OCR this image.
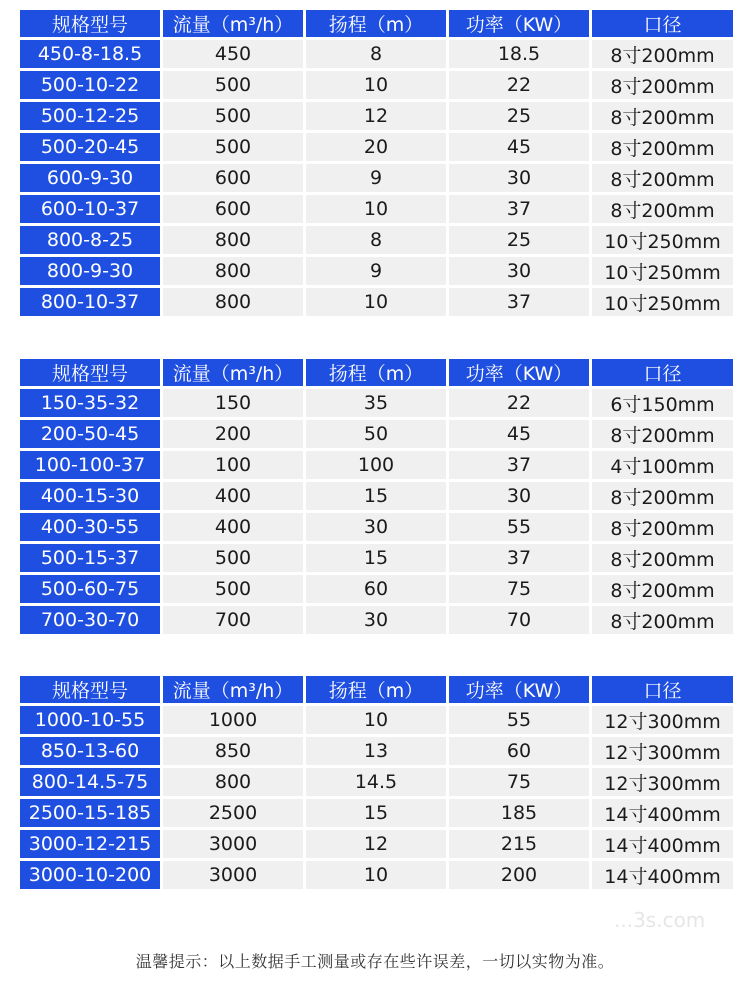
规格型号	流量（m³/h）	扬程（m）	功率（KW）	口径
450-8-18.5	450	8	18.5	8寸200mm
500-10-22	500	10	22	8寸200mm
500-12-25	500	12	25	8寸200mm
500-20-45	500	20	45	8寸200mm
600-9-30	600	9	30	8寸200mm
600-10-37	600	10	37	8寸200mm
800-8-25	800	8	25	10寸250mm
800-9-30	800	9	30	10寸250mm
800-10-37	800	10	37	10寸250mm
规格型号	流量（m³/h）	扬程（m）	功率（KW）	口径
150-35-32	150	35	22	6寸150mm
200-50-45	200	50	45	8寸200mm
100-100-37	100	100	37	4寸100mm
400-15-30	400	15	30	8寸200mm
400-30-55	400	30	55	8寸200mm
500-15-37	500	15	37	8寸200mm
500-60-75	500	60	75	8寸200mm
700-30-70	700	30	70	8寸200mm
规格型号	流量（m³/h）	扬程（m）	功率（KW）	口径
1000-10-55	1000	10	55	12寸300mm
850-13-60	850	13	60	12寸300mm
800-14.5-75	800	14.5	75	12寸300mm
2500-15-185	2500	15	185	14寸400mm
3000-12-215	3000	12	215	14寸400mm
3000-10-200	3000	10	200	14寸400mm
...3s.com
温馨提示：以上数据手工测量或存在些许误差，一切以实物为准。
